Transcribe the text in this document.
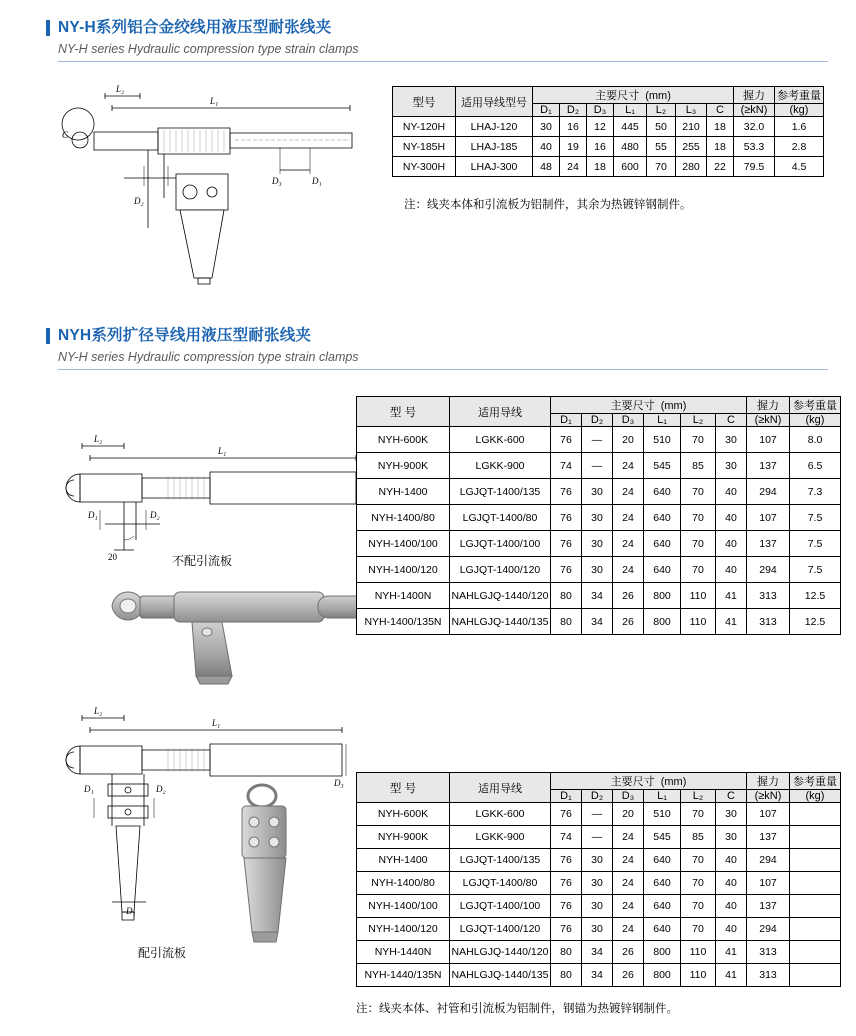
NY-H系列铝合金绞线用液压型耐张线夹
NY-H series Hydraulic compression type strain clamps
L₁
L₂
C
D₂
D₃	D₁
型号	适用导线型号	主要尺寸 (mm)							握力	参考重量
		D₁	D₂	D₃	L₁	L₂	L₃	C	(≥kN)	(kg)
NY-120H	LHAJ-120	30	16	12	445	50	210	18	32.0	1.6
NY-185H	LHAJ-185	40	19	16	480	55	255	18	53.3	2.8
NY-300H	LHAJ-300	48	24	18	600	70	280	22	79.5	4.5
注：线夹本体和引流板为铝制件，其余为热镀锌钢制件。
NYH系列扩径导线用液压型耐张线夹
NY-H series Hydraulic compression type strain clamps
L₁
L₂
D₁	D₂
20	不配引流板
型 号	适用导线	主要尺寸 (mm)						握力	参考重量
		D₁	D₂	D₃	L₁	L₂	C	(≥kN)	(kg)
NYH-600K	LGKK-600	76	—	20	510	70	30	107	8.0
NYH-900K	LGKK-900	74	—	24	545	85	30	137	6.5
NYH-1400	LGJQT-1400/135	76	30	24	640	70	40	294	7.3
NYH-1400/80	LGJQT-1400/80	76	30	24	640	70	40	107	7.5
NYH-1400/100	LGJQT-1400/100	76	30	24	640	70	40	137	7.5
NYH-1400/120	LGJQT-1400/120	76	30	24	640	70	40	294	7.5
NYH-1400N	NAHLGJQ-1440/120	80	34	26	800	110	41	313	12.5
NYH-1400/135N	NAHLGJQ-1440/135	80	34	26	800	110	41	313	12.5
L₁
L₂
D₁	D₂
D₃
D₁
配引流板
型 号	适用导线	主要尺寸 (mm)						握力	参考重量
		D₁	D₂	D₃	L₁	L₂	C	(≥kN)	(kg)
NYH-600K	LGKK-600	76	—	20	510	70	30	107	
NYH-900K	LGKK-900	74	—	24	545	85	30	137	
NYH-1400	LGJQT-1400/135	76	30	24	640	70	40	294	
NYH-1400/80	LGJQT-1400/80	76	30	24	640	70	40	107	
NYH-1400/100	LGJQT-1400/100	76	30	24	640	70	40	137	
NYH-1400/120	LGJQT-1400/120	76	30	24	640	70	40	294	
NYH-1440N	NAHLGJQ-1440/120	80	34	26	800	110	41	313	
NYH-1440/135N	NAHLGJQ-1440/135	80	34	26	800	110	41	313	
注：线夹本体、衬管和引流板为铝制件，钢锚为热镀锌钢制件。
